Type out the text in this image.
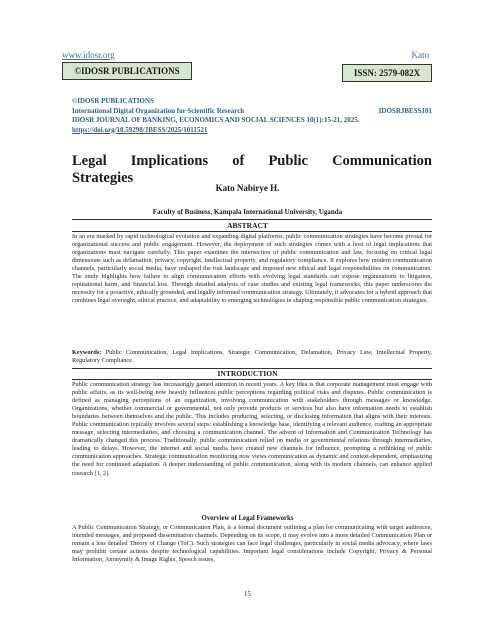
www.idosr.org	Kato
©IDOSR PUBLICATIONS	ISSN: 2579-082X
©IDOSR PUBLICATIONS
International Digital Organization for Scientific Research	IDOSRJBESS101
IDOSR JOURNAL OF BANKING, ECONOMICS AND SOCIAL SCIENCES 10(1):15-21, 2025.
https://doi.org/10.59298/JBESS/2025/1011521
Legal Implications of Public Communication
Strategies
Kato Nabirye H.
Faculty of Business, Kampala International University, Uganda
ABSTRACT
In an era marked by rapid technological evolution and expanding digital platforms, public communication strategies have become pivotal for organizational success and public engagement. However, the deployment of such strategies comes with a host of legal implications that organizations must navigate carefully. This paper examines the intersection of public communication and law, focusing on critical legal dimensions such as defamation, privacy, copyright, intellectual property, and regulatory compliance. It explores how modern communication channels, particularly social media, have reshaped the risk landscape and imposed new ethical and legal responsibilities on communicators. The study highlights how failure to align communication efforts with evolving legal standards can expose organizations to litigation, reputational harm, and financial loss. Through detailed analysis of case studies and existing legal frameworks, this paper underscores the necessity for a proactive, ethically grounded, and legally informed communication strategy. Ultimately, it advocates for a hybrid approach that combines legal oversight, ethical practice, and adaptability to emerging technologies in shaping responsible public communication strategies.
Keywords: Public Communication, Legal Implications, Strategic Communication, Defamation, Privacy Law, Intellectual Property, Regulatory Compliance.
INTRODUCTION
Public communication strategy has increasingly gained attention in recent years. A key idea is that corporate management must engage with public affairs, as its well-being now heavily influences public perceptions regarding political risks and disputes. Public communication is defined as managing perceptions of an organization, involving communication with stakeholders through messages or knowledge. Organizations, whether commercial or governmental, not only provide products or services but also have information needs to establish boundaries between themselves and the public. This includes producing, selecting, or disclosing information that aligns with their interests. Public communication typically involves several steps: establishing a knowledge base, identifying a relevant audience, crafting an appropriate message, selecting intermediaries, and choosing a communication channel. The advent of Information and Communication Technology has dramatically changed this process. Traditionally, public communication relied on media or governmental relations through intermediaries, leading to delays. However, the internet and social media have created new channels for influence, prompting a rethinking of public communication approaches. Strategic communication monitoring now views communication as dynamic and context-dependent, emphasizing the need for continued adaptation. A deeper understanding of public communication, along with its modern channels, can enhance applied research [1, 2].
Overview of Legal Frameworks
A Public Communication Strategy, or Communication Plan, is a formal document outlining a plan for communicating with target audiences, intended messages, and proposed dissemination channels. Depending on its scope, it may evolve into a more detailed Communication Plan or remain a less detailed Theory of Change (ToC). Such strategies can face legal challenges, particularly in social media advocacy, where laws may prohibit certain actions despite technological capabilities. Important legal considerations include Copyright, Privacy & Personal Information, Anonymity & Image Rights, Speech issues,
15
